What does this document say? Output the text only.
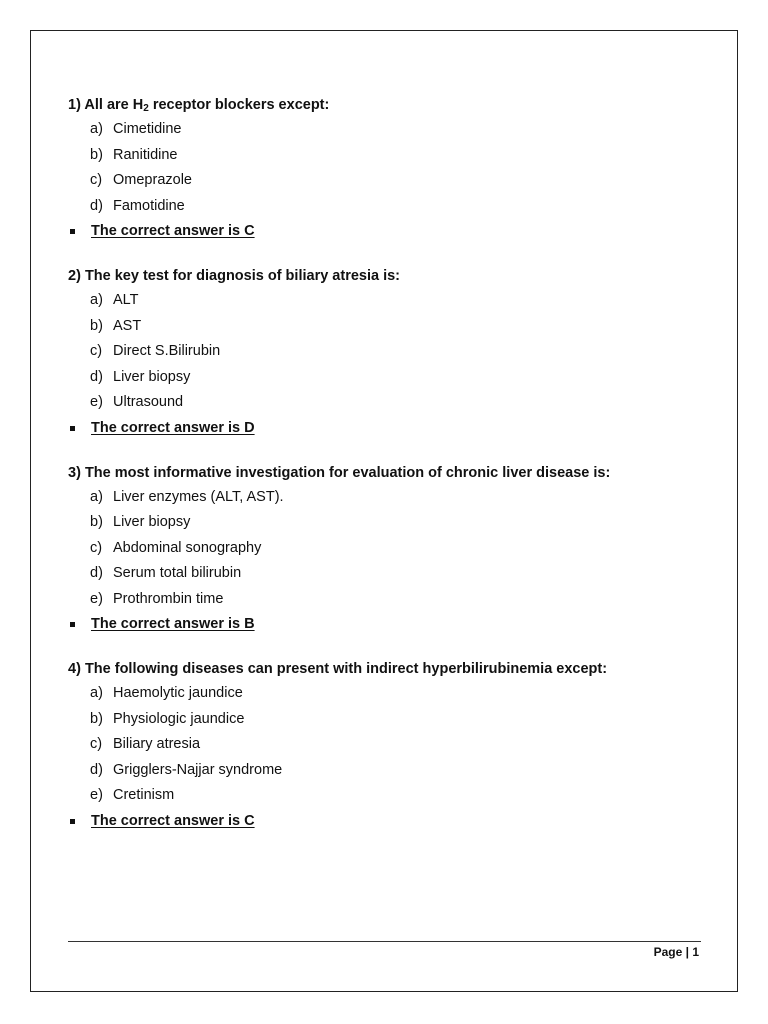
1) All are $H_2$ receptor blockers except:
a) Cimetidine
b) Ranitidine
c) Omeprazole
d) Famotidine
The correct answer is C
2) The key test for diagnosis of biliary atresia is:
a) ALT
b) AST
c) Direct S.Bilirubin
d) Liver biopsy
e) Ultrasound
The correct answer is D
3) The most informative investigation for evaluation of chronic liver disease is:
a) Liver enzymes (ALT, AST).
b) Liver biopsy
c) Abdominal sonography
d) Serum total bilirubin
e) Prothrombin time
The correct answer is B
4) The following diseases can present with indirect hyperbilirubinemia except:
a) Haemolytic jaundice
b) Physiologic jaundice
c) Biliary atresia
d) Grigglers-Najjar syndrome
e) Cretinism
The correct answer is C
Page | 1
